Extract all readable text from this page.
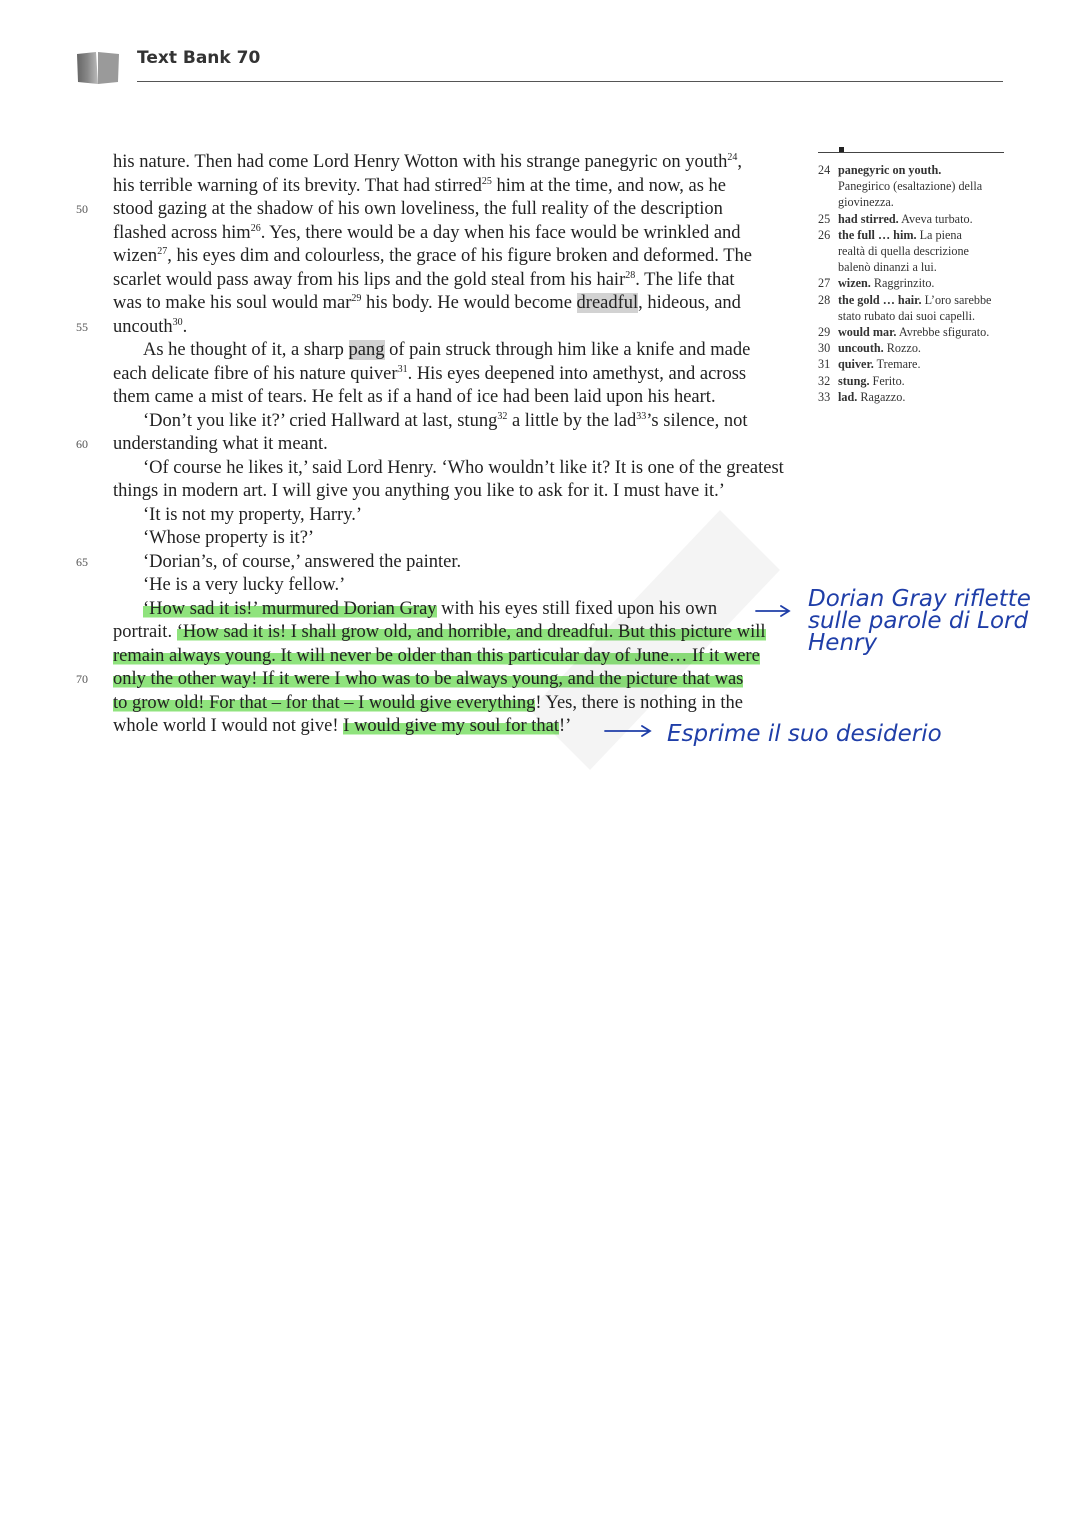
Text Bank 70
his nature. Then had come Lord Henry Wotton with his strange panegyric on youth$^{24}$,
his terrible warning of its brevity. That had stirred$^{25}$ him at the time, and now, as he
50	stood gazing at the shadow of his own loveliness, the full reality of the description
flashed across him$^{26}$. Yes, there would be a day when his face would be wrinkled and
wizen$^{27}$, his eyes dim and colourless, the grace of his figure broken and deformed. The
scarlet would pass away from his lips and the gold steal from his hair$^{28}$. The life that
was to make his soul would mar$^{29}$ his body. He would become dreadful, hideous, and
55	uncouth$^{30}$.
As he thought of it, a sharp pang of pain struck through him like a knife and made
each delicate fibre of his nature quiver$^{31}$. His eyes deepened into amethyst, and across
them came a mist of tears. He felt as if a hand of ice had been laid upon his heart.
‘Don’t you like it?’ cried Hallward at last, stung$^{32}$ a little by the lad$^{33}$’s silence, not
60	understanding what it meant.
‘Of course he likes it,’ said Lord Henry. ‘Who wouldn’t like it? It is one of the greatest
things in modern art. I will give you anything you like to ask for it. I must have it.’
‘It is not my property, Harry.’
‘Whose property is it?’
65	‘Dorian’s, of course,’ answered the painter.
‘He is a very lucky fellow.’
‘How sad it is!’ murmured Dorian Gray with his eyes still fixed upon his own
portrait. ‘How sad it is! I shall grow old, and horrible, and dreadful. But this picture will
remain always young. It will never be older than this particular day of June… If it were
70	only the other way! If it were I who was to be always young, and the picture that was
to grow old! For that – for that – I would give everything! Yes, there is nothing in the
whole world I would not give! I would give my soul for that!’
24 panegyric on youth.
Panegirico (esaltazione) della
giovinezza.
25 had stirred. Aveva turbato.
26 the full … him. La piena
realtà di quella descrizione
balenò dinanzi a lui.
27 wizen. Raggrinzito.
28 the gold … hair. L’oro sarebbe
stato rubato dai suoi capelli.
29 would mar. Avrebbe sfigurato.
30 uncouth. Rozzo.
31 quiver. Tremare.
32 stung. Ferito.
33 lad. Ragazzo.
Dorian Gray riflette
sulle parole di Lord
Henry
Esprime il suo desiderio
